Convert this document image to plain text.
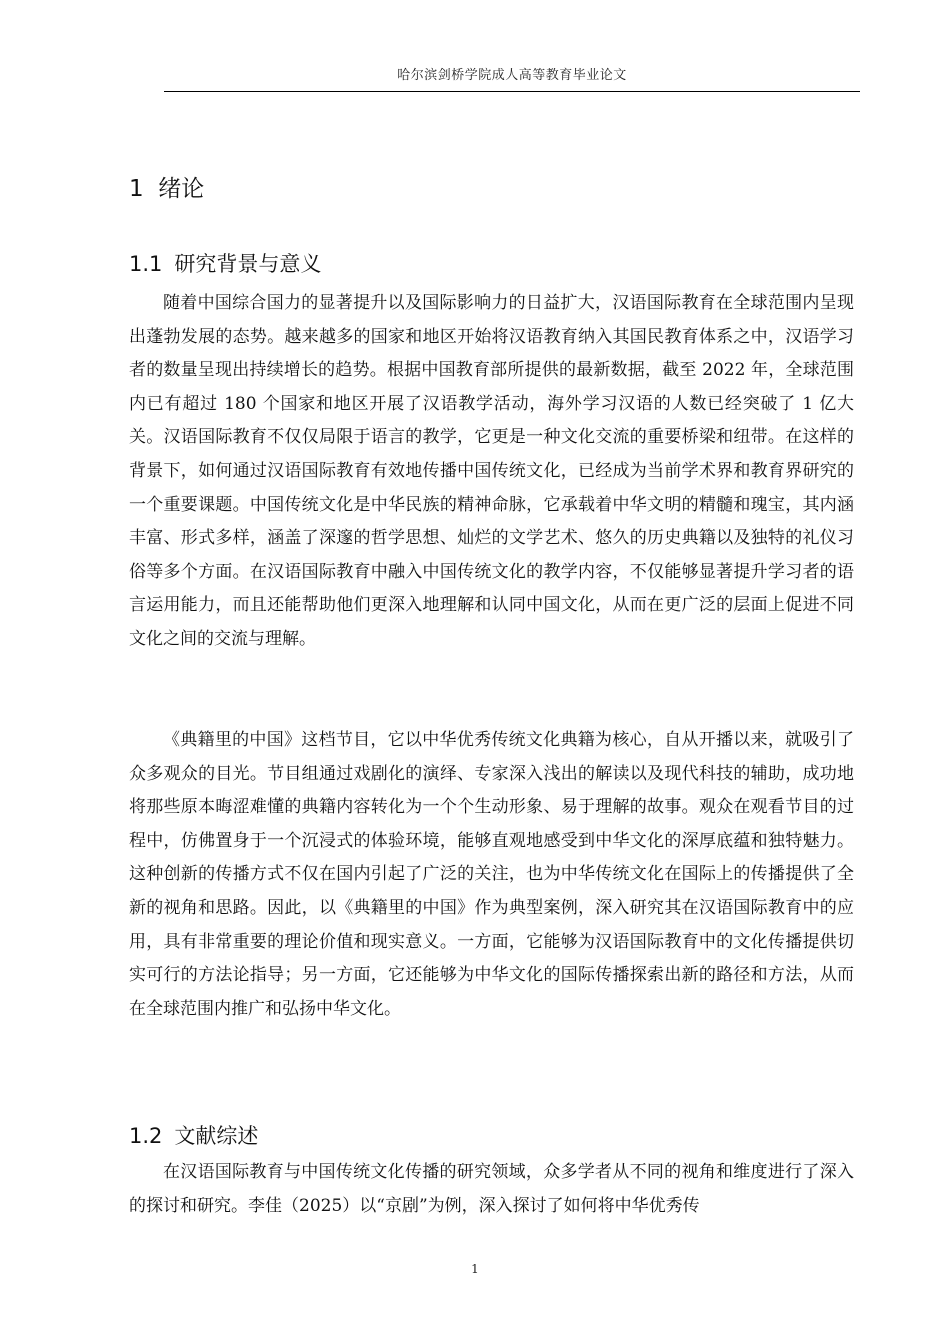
哈尔滨剑桥学院成人高等教育毕业论文
1 绪论
1.1 研究背景与意义

随着中国综合国力的显著提升以及国际影响力的日益扩大，汉语国际教育在全球范围内呈现出蓬勃发展的态势。越来越多的国家和地区开始将汉语教育纳入其国民教育体系之中，汉语学习者的数量呈现出持续增长的趋势。根据中国教育部所提供的最新数据，截至 2022 年，全球范围内已有超过 180 个国家和地区开展了汉语教学活动，海外学习汉语的人数已经突破了 1 亿大关。汉语国际教育不仅仅局限于语言的教学，它更是一种文化交流的重要桥梁和纽带。在这样的背景下，如何通过汉语国际教育有效地传播中国传统文化，已经成为当前学术界和教育界研究的一个重要课题。中国传统文化是中华民族的精神命脉，它承载着中华文明的精髓和瑰宝，其内涵丰富、形式多样，涵盖了深邃的哲学思想、灿烂的文学艺术、悠久的历史典籍以及独特的礼仪习俗等多个方面。在汉语国际教育中融入中国传统文化的教学内容，不仅能够显著提升学习者的语言运用能力，而且还能帮助他们更深入地理解和认同中国文化，从而在更广泛的层面上促进不同文化之间的交流与理解。

《典籍里的中国》这档节目，它以中华优秀传统文化典籍为核心，自从开播以来，就吸引了众多观众的目光。节目组通过戏剧化的演绎、专家深入浅出的解读以及现代科技的辅助，成功地将那些原本晦涩难懂的典籍内容转化为一个个生动形象、易于理解的故事。观众在观看节目的过程中，仿佛置身于一个沉浸式的体验环境，能够直观地感受到中华文化的深厚底蕴和独特魅力。这种创新的传播方式不仅在国内引起了广泛的关注，也为中华传统文化在国际上的传播提供了全新的视角和思路。因此，以《典籍里的中国》作为典型案例，深入研究其在汉语国际教育中的应用，具有非常重要的理论价值和现实意义。一方面，它能够为汉语国际教育中的文化传播提供切实可行的方法论指导；另一方面，它还能够为中华文化的国际传播探索出新的路径和方法，从而在全球范围内推广和弘扬中华文化。

1.2 文献综述

在汉语国际教育与中国传统文化传播的研究领域，众多学者从不同的视角和维度进行了深入的探讨和研究。李佳（2025）以“京剧”为例，深入探讨了如何将中华优秀传

1
